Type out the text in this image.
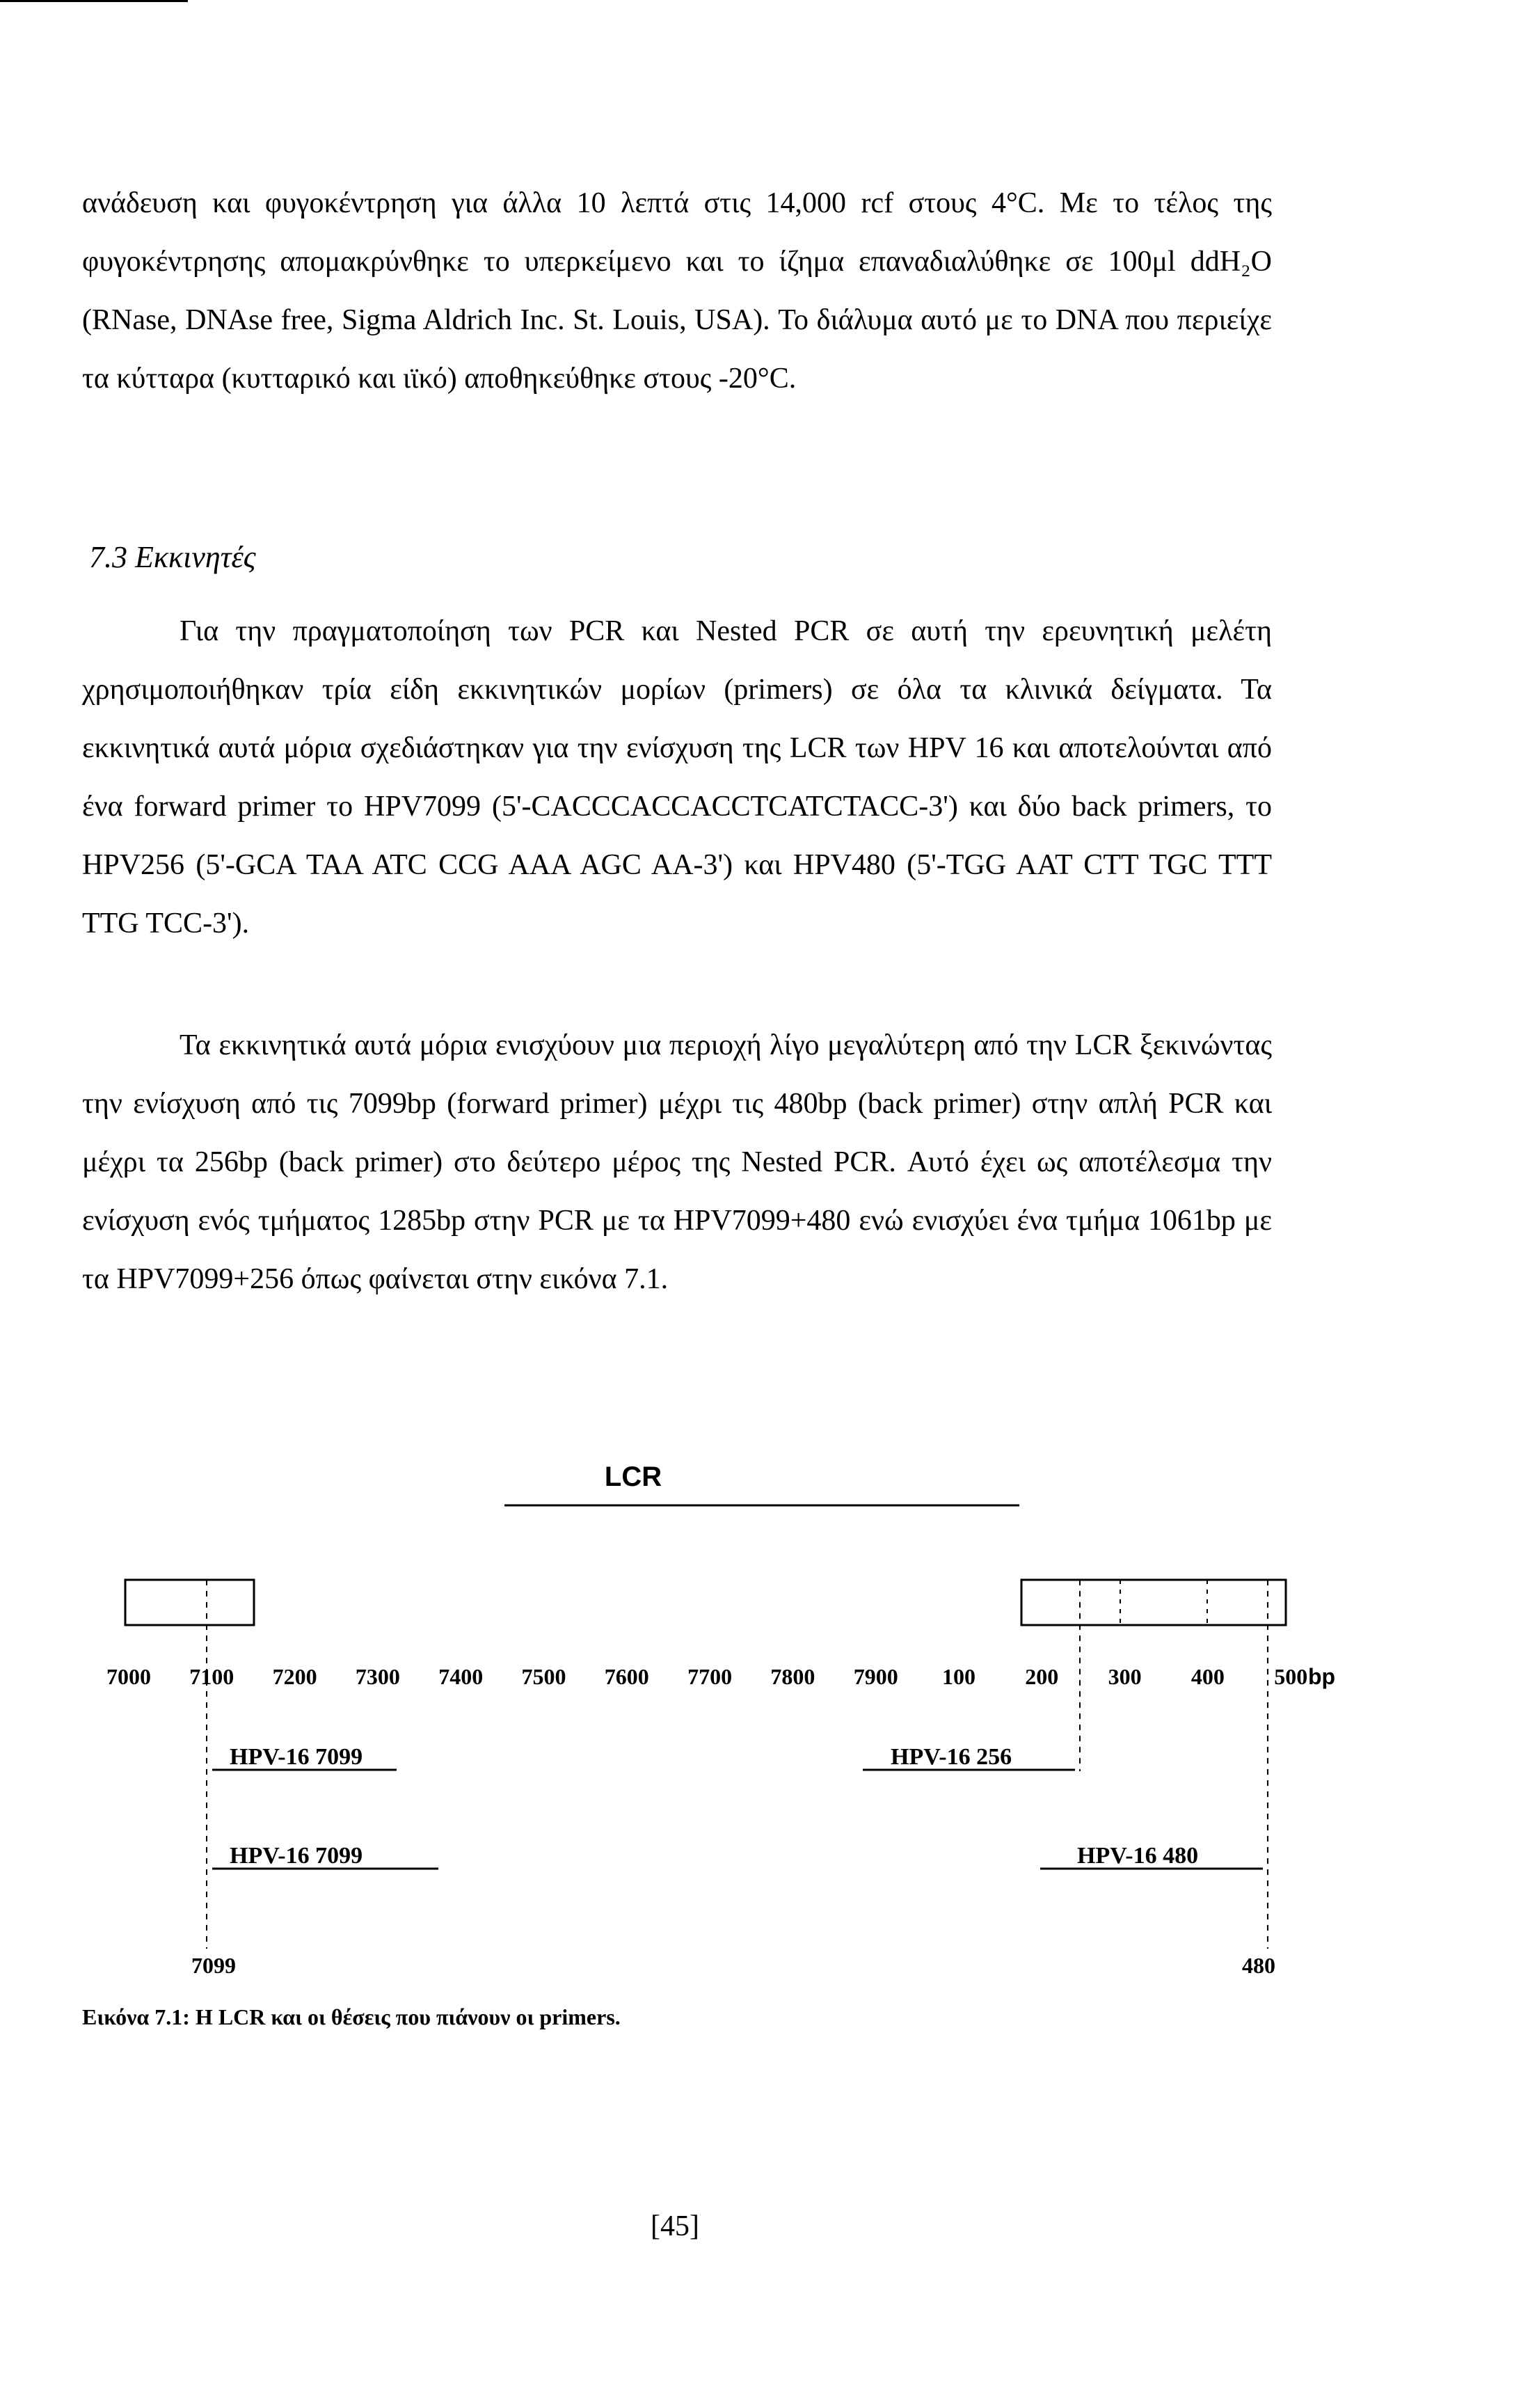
ανάδευση και φυγοκέντρηση για άλλα 10 λεπτά στις 14,000 rcf στους 4°C. Με το τέλος της φυγοκέντρησης απομακρύνθηκε το υπερκείμενο και το ίζημα επαναδιαλύθηκε σε 100μl ddH₂O (RNase, DNAse free, Sigma Aldrich Inc. St. Louis, USA). Το διάλυμα αυτό με το DNA που περιείχε τα κύτταρα (κυτταρικό και ιϊκό) αποθηκεύθηκε στους -20°C.
7.3 Εκκινητές
Για την πραγματοποίηση των PCR και Nested PCR σε αυτή την ερευνητική μελέτη χρησιμοποιήθηκαν τρία είδη εκκινητικών μορίων (primers) σε όλα τα κλινικά δείγματα. Τα εκκινητικά αυτά μόρια σχεδιάστηκαν για την ενίσχυση της LCR των HPV 16 και αποτελούνται από ένα forward primer το HPV7099 (5'-CACCCACCACCTCATCTACC-3') και δύο back primers, το HPV256 (5'-GCA TAA ATC CCG AAA AGC AA-3') και HPV480 (5'-TGG AAT CTT TGC TTT TTG TCC-3').
Τα εκκινητικά αυτά μόρια ενισχύουν μια περιοχή λίγο μεγαλύτερη από την LCR ξεκινώντας την ενίσχυση από τις 7099bp (forward primer) μέχρι τις 480bp (back primer) στην απλή PCR και μέχρι τα 256bp (back primer) στο δεύτερο μέρος της Nested PCR. Αυτό έχει ως αποτέλεσμα την ενίσχυση ενός τμήματος 1285bp στην PCR με τα HPV7099+480 ενώ ενισχύει ένα τμήμα 1061bp με τα HPV7099+256 όπως φαίνεται στην εικόνα 7.1.
LCR
7000 7100 7200 7300 7400 7500 7600 7700 7800 7900 100 200 300 400 500 bp
HPV-16 7099	HPV-16 256
HPV-16 7099	HPV-16 480
7099	480
Εικόνα 7.1: Η LCR και οι θέσεις που πιάνουν οι primers.
[45]
